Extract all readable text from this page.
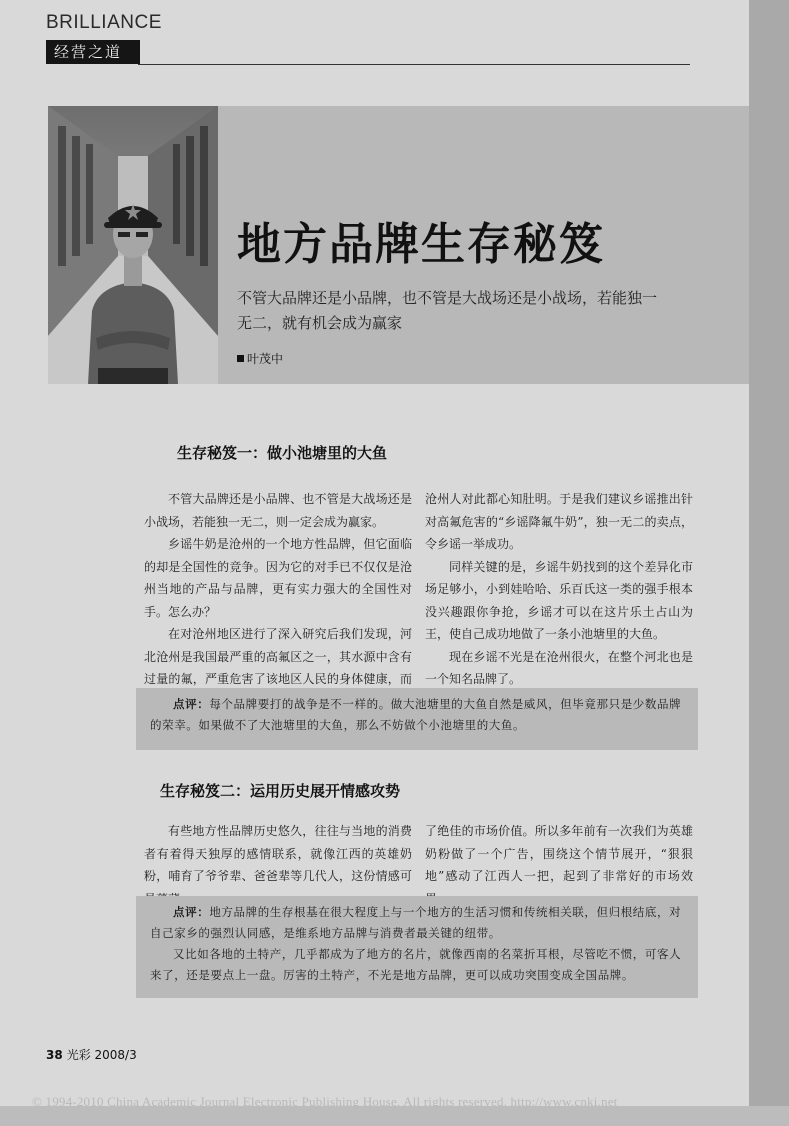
BRILLIANCE
经营之道
地方品牌生存秘笈
不管大品牌还是小品牌，也不管是大战场还是小战场，若能独一无二，就有机会成为赢家
叶茂中
生存秘笈一：做小池塘里的大鱼

不管大品牌还是小品牌、也不管是大战场还是小战场，若能独一无二，则一定会成为赢家。

乡谣牛奶是沧州的一个地方性品牌，但它面临的却是全国性的竞争。因为它的对手已不仅仅是沧州当地的产品与品牌，更有实力强大的全国性对手。怎么办？

在对沧州地区进行了深入研究后我们发现，河北沧州是我国最严重的高氟区之一，其水源中含有过量的氟，严重危害了该地区人民的身体健康，而

沧州人对此都心知肚明。于是我们建议乡谣推出针对高氟危害的“乡谣降氟牛奶”，独一无二的卖点，令乡谣一举成功。

同样关键的是，乡谣牛奶找到的这个差异化市场足够小，小到娃哈哈、乐百氏这一类的强手根本没兴趣跟你争抢，乡谣才可以在这片乐土占山为王，使自己成功地做了一条小池塘里的大鱼。

现在乡谣不光是在沧州很火，在整个河北也是一个知名品牌了。

点评：每个品牌要打的战争是不一样的。做大池塘里的大鱼自然是威风，但毕竟那只是少数品牌的荣幸。如果做不了大池塘里的大鱼，那么不妨做个小池塘里的大鱼。

生存秘笈二：运用历史展开情感攻势

有些地方性品牌历史悠久，往往与当地的消费者有着得天独厚的感情联系，就像江西的英雄奶粉，哺育了爷爷辈、爸爸辈等几代人，这份情感可

了绝佳的市场价值。所以多年前有一次我们为英雄奶粉做了一个广告，围绕这个情节展开，“狠狠地”感动了江西人一把，起到了非常好的市场效

点评：地方品牌的生存根基在很大程度上与一个地方的生活习惯和传统相关联，但归根结底，对自己家乡的强烈认同感，是维系地方品牌与消费者最关键的纽带。

又比如各地的土特产，几乎都成为了地方的名片，就像西南的名菜折耳根，尽管吃不惯，可客人来了，还是要点上一盘。厉害的土特产，不光是地方品牌，更可以成功突围变成全国品牌。

38 光彩 2008/3
© 1994-2010 China Academic Journal Electronic Publishing House. All rights reserved. http://www.cnki.net
